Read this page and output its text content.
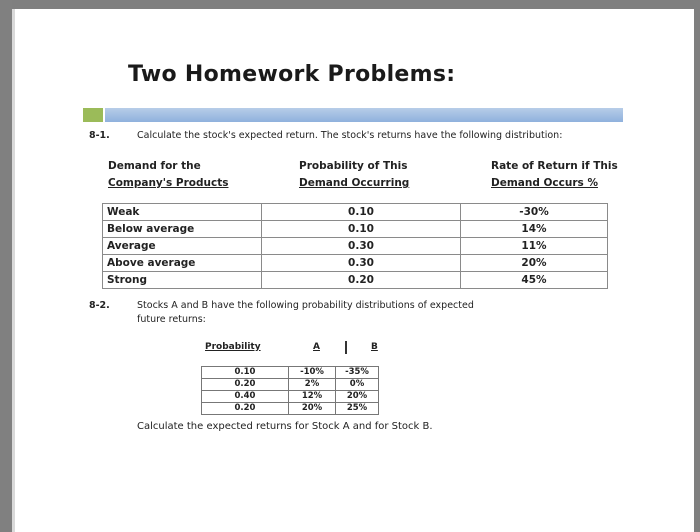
Two Homework Problems:
8-1.	Calculate the stock's expected return. The stock's returns have the following distribution:
Demand for the
Company's Products
Probability of This
Demand Occurring
Rate of Return if This
Demand Occurs %
Weak	0.10	-30%
Below average	0.10	14%
Average	0.30	11%
Above average	0.30	20%
Strong	0.20	45%
8-2.	Stocks A and B have the following probability distributions of expected
future returns:
Probability	A	B
0.10	-10%	-35%
0.20	2%	0%
0.40	12%	20%
0.20	20%	25%
Calculate the expected returns for Stock A and for Stock B.
